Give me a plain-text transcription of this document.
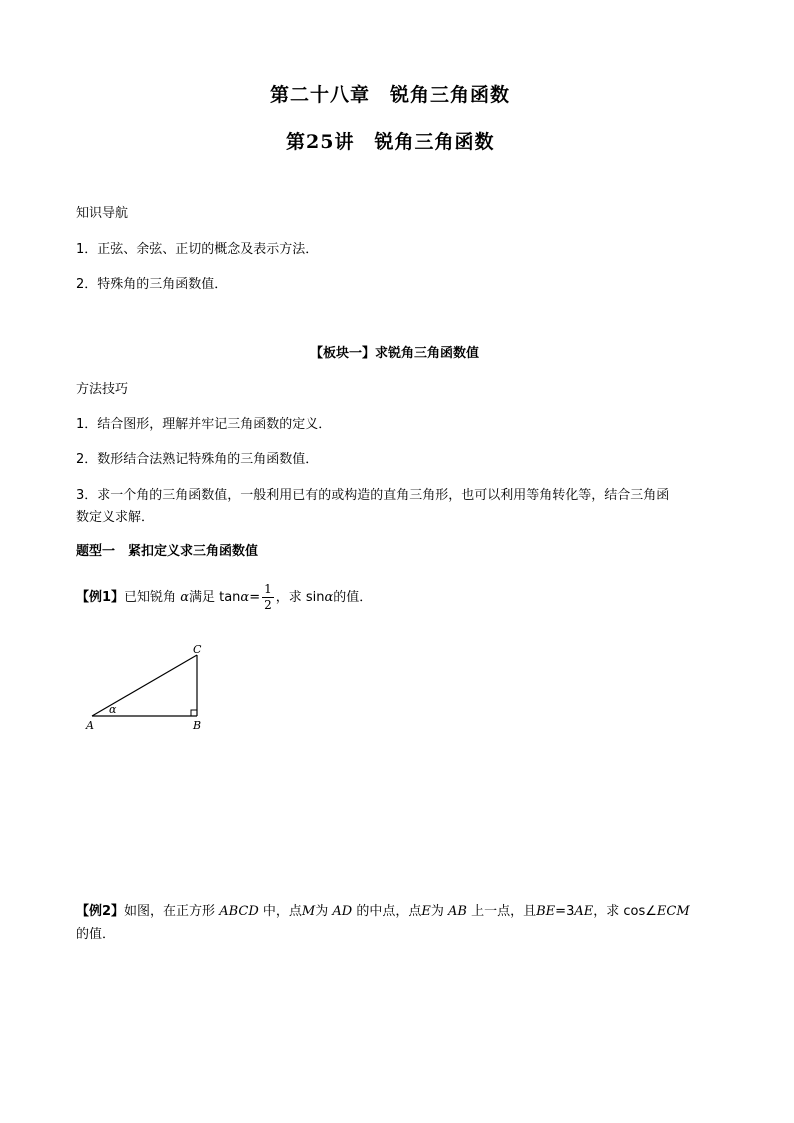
第二十八章　锐角三角函数
第25讲　锐角三角函数
知识导航
1．正弦、余弦、正切的概念及表示方法．
2．特殊角的三角函数值．
【板块一】求锐角三角函数值
方法技巧
1．结合图形，理解并牢记三角函数的定义．
2．数形结合法熟记特殊角的三角函数值．
3．求一个角的三角函数值，一般利用已有的或构造的直角三角形，也可以利用等角转化等，结合三角函
数定义求解．
题型一　紧扣定义求三角函数值
【例1】已知锐角 α满足 $\tan\alpha= \frac{1}{2}$ ，求 sinα的值．
A	B
C
α
【例2】如图，在正方形 ABCD 中，点M为 AD 的中点，点E为 AB 上一点，且BE=3AE，求 cos∠ECM
的值．
